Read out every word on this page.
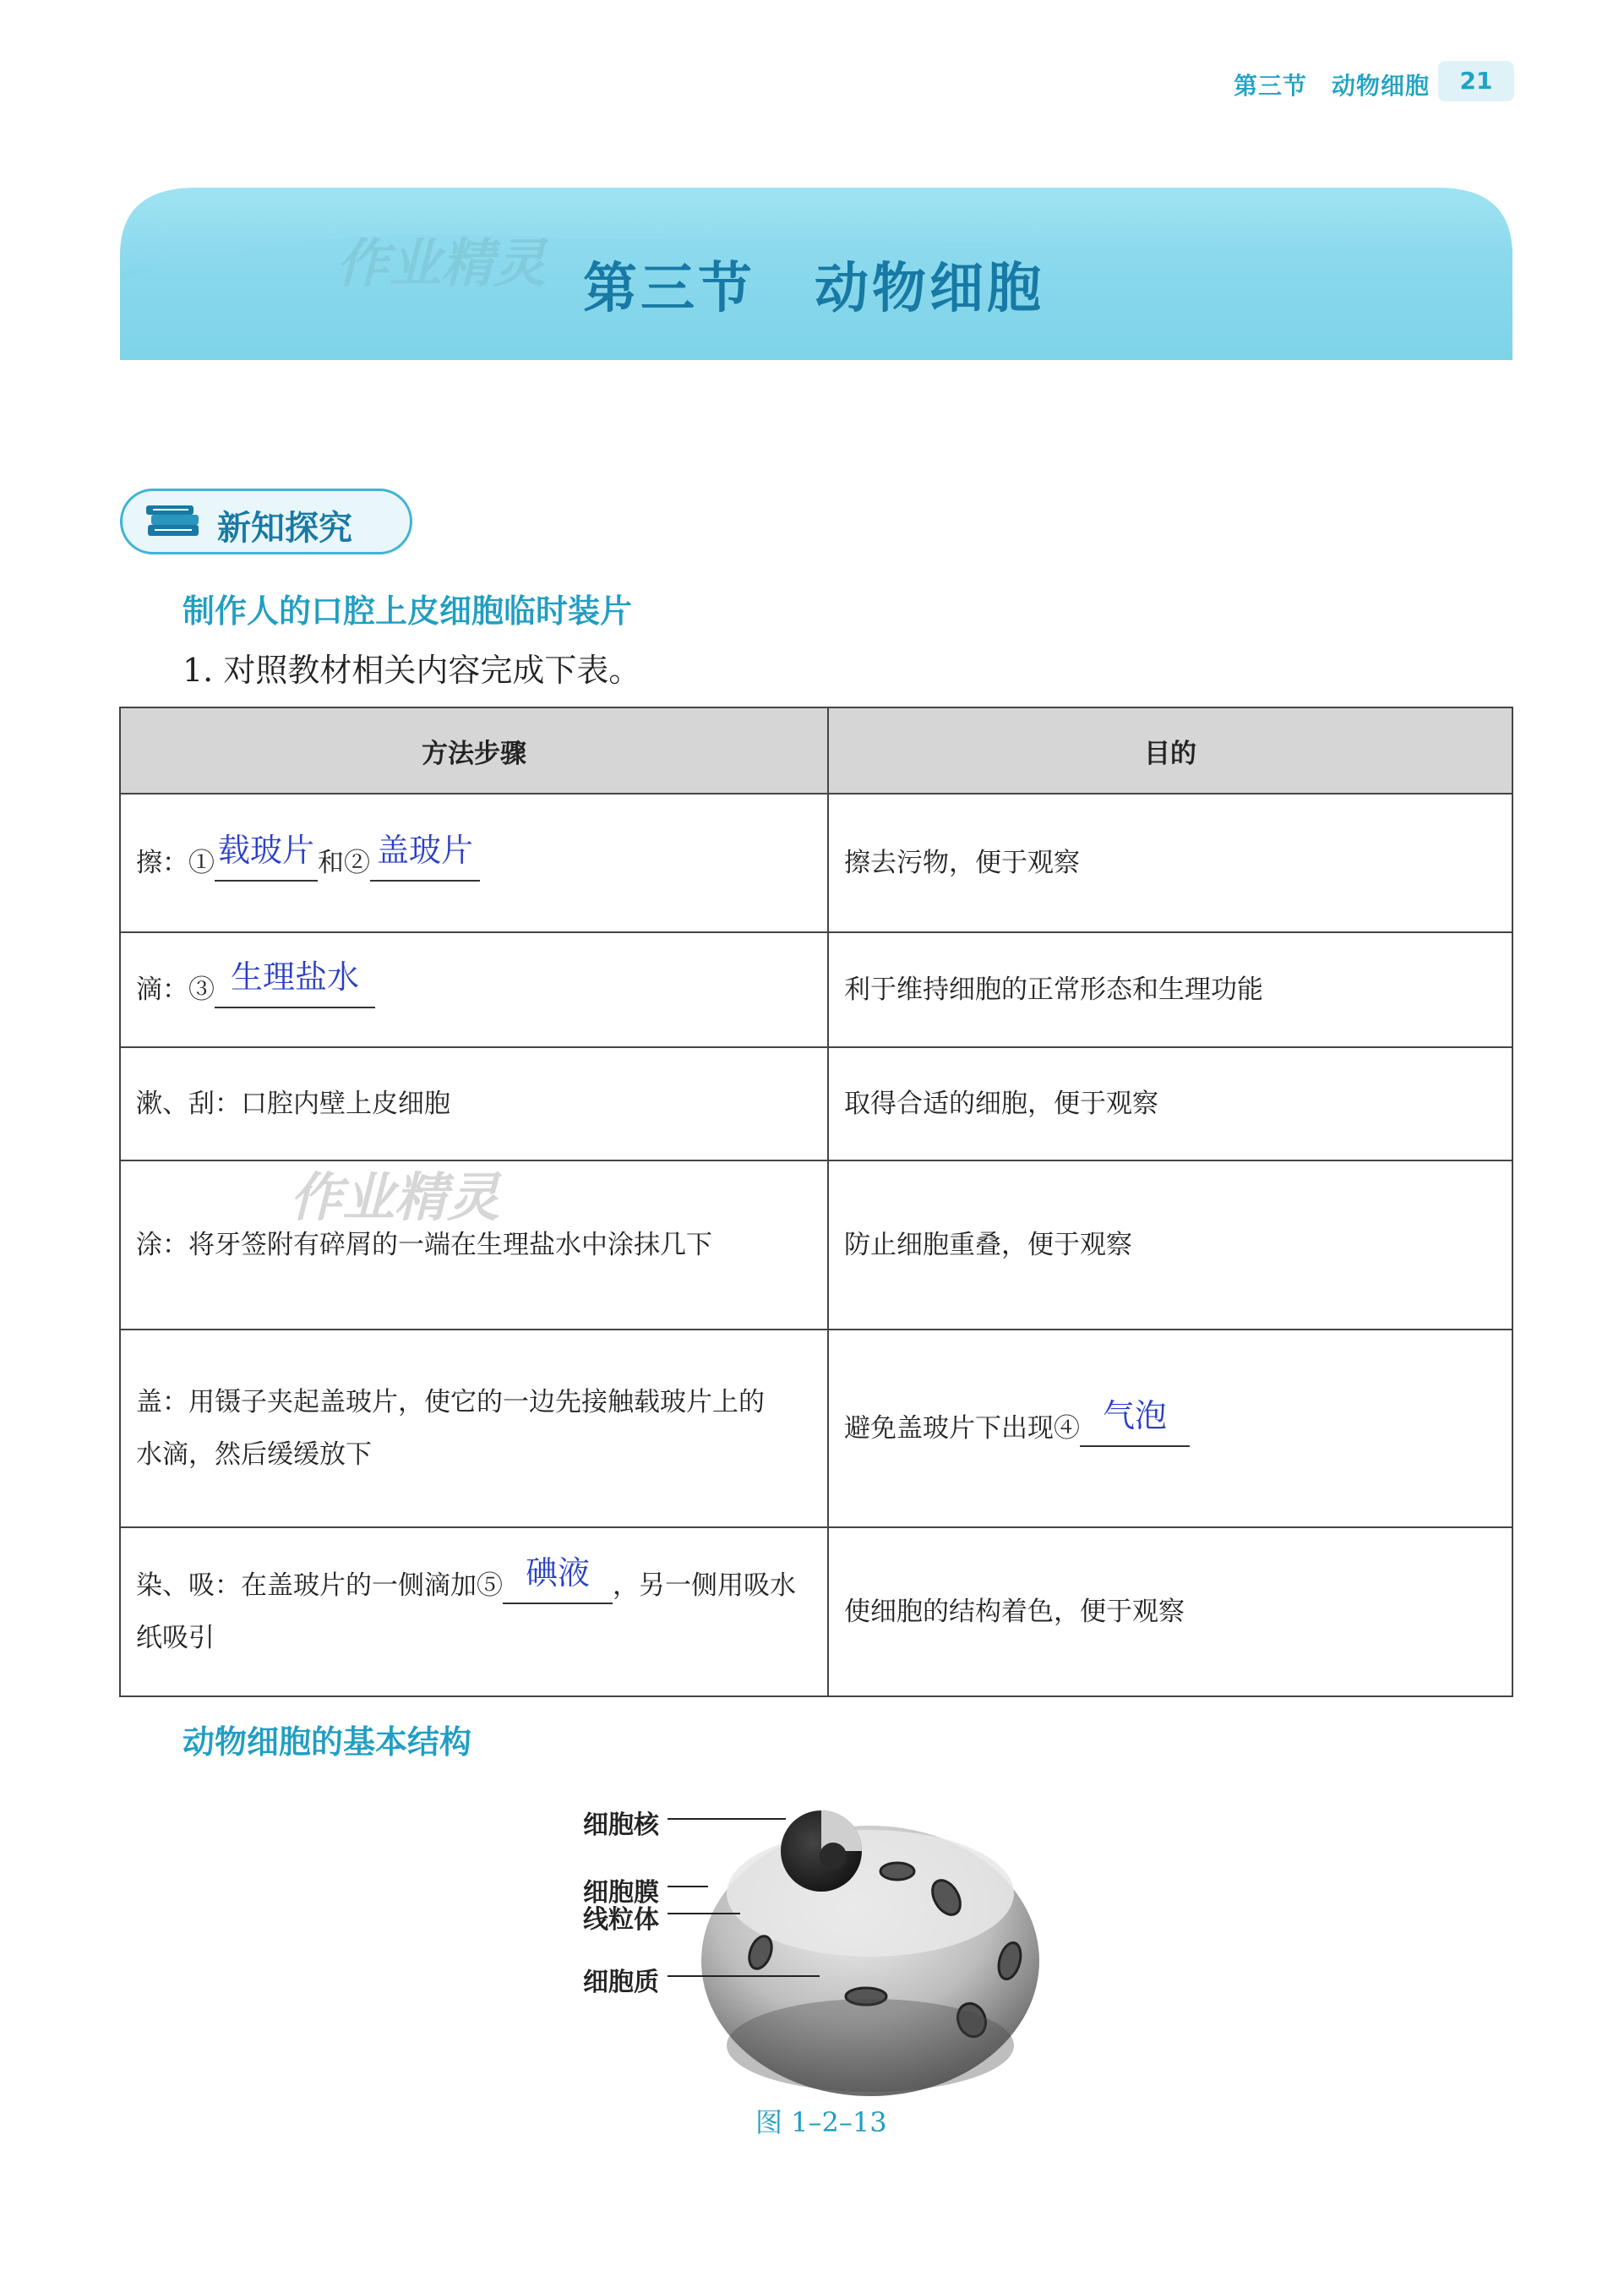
第三节　动物细胞	21
作业精灵 第三节 动物细胞
新知探究
制作人的口腔上皮细胞临时装片
1. 对照教材相关内容完成下表。
方法步骤	目的
擦：① 载玻片 和② 盖玻片	擦去污物，便于观察
滴：③ 生理盐水	利于维持细胞的正常形态和生理功能
漱、刮：口腔内壁上皮细胞	取得合适的细胞，便于观察

作业精灵
涂：将牙签附有碎屑的一端在生理盐水中涂抹几下	防止细胞重叠，便于观察

盖：用镊子夹起盖玻片，使它的一边先接触载玻片上的
水滴，然后缓缓放下	避免盖玻片下出现④ 气泡

染、吸：在盖玻片的一侧滴加⑤ 碘液 ，另一侧用吸水
纸吸引	使细胞的结构着色，便于观察
动物细胞的基本结构
细胞核
细胞膜
线粒体
细胞质
图 1–2–13
